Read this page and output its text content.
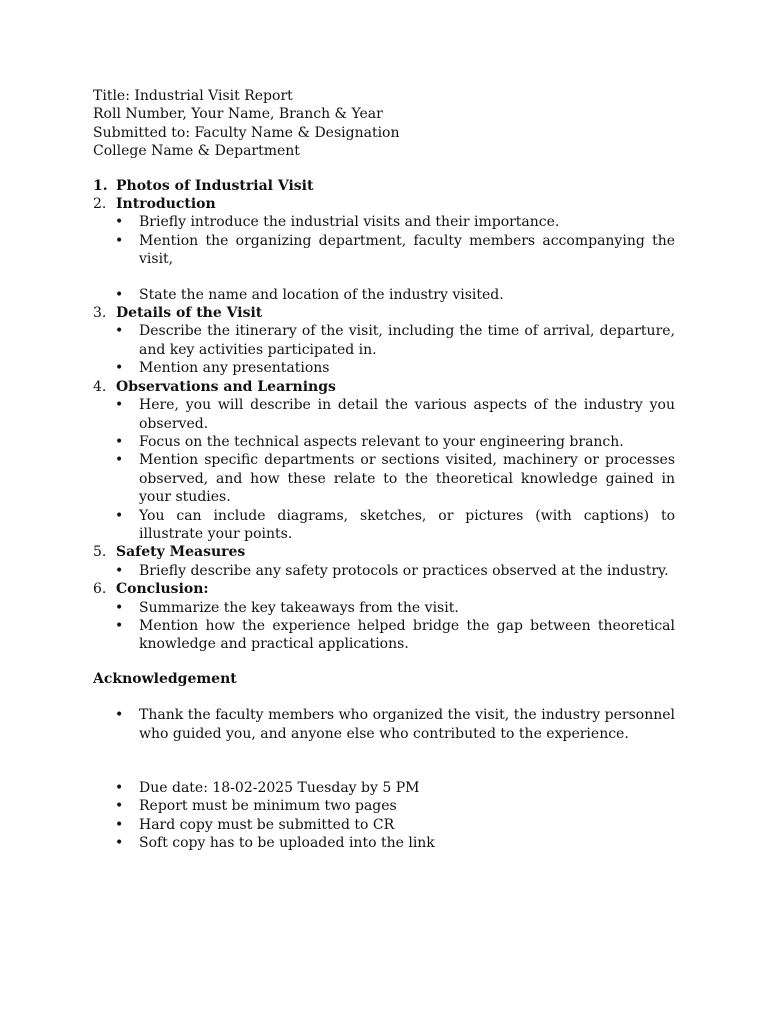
Title: Industrial Visit Report

Roll Number, Your Name, Branch & Year

Submitted to: Faculty Name & Designation

College Name & Department

1. Photos of Industrial Visit
2. Introduction
• Briefly introduce the industrial visits and their importance.
• Mention the organizing department, faculty members accompanying the visit,
• State the name and location of the industry visited.
3. Details of the Visit
• Describe the itinerary of the visit, including the time of arrival, departure, and key activities participated in.
• Mention any presentations
4. Observations and Learnings
• Here, you will describe in detail the various aspects of the industry you observed.
• Focus on the technical aspects relevant to your engineering branch.
• Mention specific departments or sections visited, machinery or processes observed, and how these relate to the theoretical knowledge gained in your studies.
• You can include diagrams, sketches, or pictures (with captions) to illustrate your points.
5. Safety Measures
• Briefly describe any safety protocols or practices observed at the industry.
6. Conclusion:
• Summarize the key takeaways from the visit.
• Mention how the experience helped bridge the gap between theoretical knowledge and practical applications.
Acknowledgement
• Thank the faculty members who organized the visit, the industry personnel who guided you, and anyone else who contributed to the experience.
• Due date: 18-02-2025 Tuesday by 5 PM
• Report must be minimum two pages
• Hard copy must be submitted to CR
• Soft copy has to be uploaded into the link
